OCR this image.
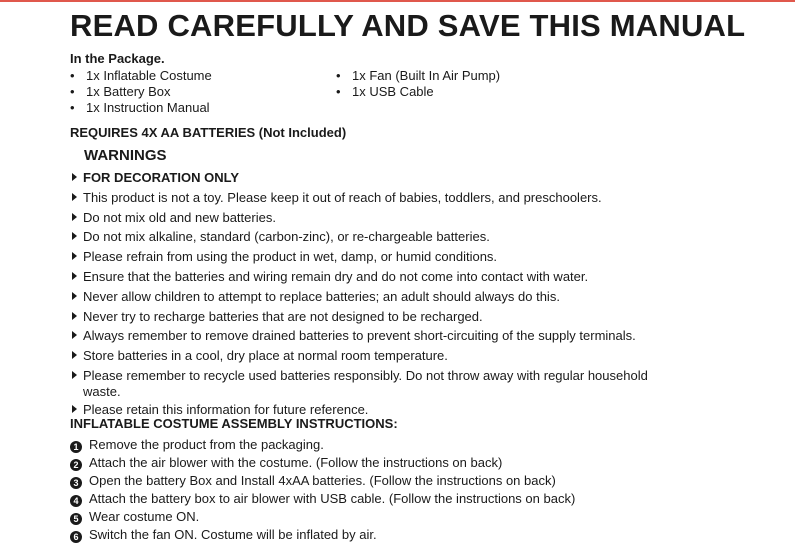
READ CAREFULLY AND SAVE THIS MANUAL
In the Package.
• 1x Inflatable Costume
• 1x Battery Box
• 1x Instruction Manual
• 1x Fan (Built In Air Pump)
• 1x USB Cable
REQUIRES 4X AA BATTERIES (Not Included)
WARNINGS
FOR DECORATION ONLY
This product is not a toy. Please keep it out of reach of babies, toddlers, and preschoolers.
Do not mix old and new batteries.
Do not mix alkaline, standard (carbon-zinc), or re-chargeable batteries.
Please refrain from using the product in wet, damp, or humid conditions.
Ensure that the batteries and wiring remain dry and do not come into contact with water.
Never allow children to attempt to replace batteries; an adult should always do this.
Never try to recharge batteries that are not designed to be recharged.
Always remember to remove drained batteries to prevent short-circuiting of the supply terminals.
Store batteries in a cool, dry place at normal room temperature.
Please remember to recycle used batteries responsibly. Do not throw away with regular household waste.
Please retain this information for future reference.
INFLATABLE COSTUME ASSEMBLY INSTRUCTIONS:
1 Remove the product from the packaging.
2 Attach the air blower with the costume. (Follow the instructions on back)
3 Open the battery Box and Install 4xAA batteries. (Follow the instructions on back)
4 Attach the battery box to air blower with USB cable. (Follow the instructions on back)
5 Wear costume ON.
6 Switch the fan ON. Costume will be inflated by air.
